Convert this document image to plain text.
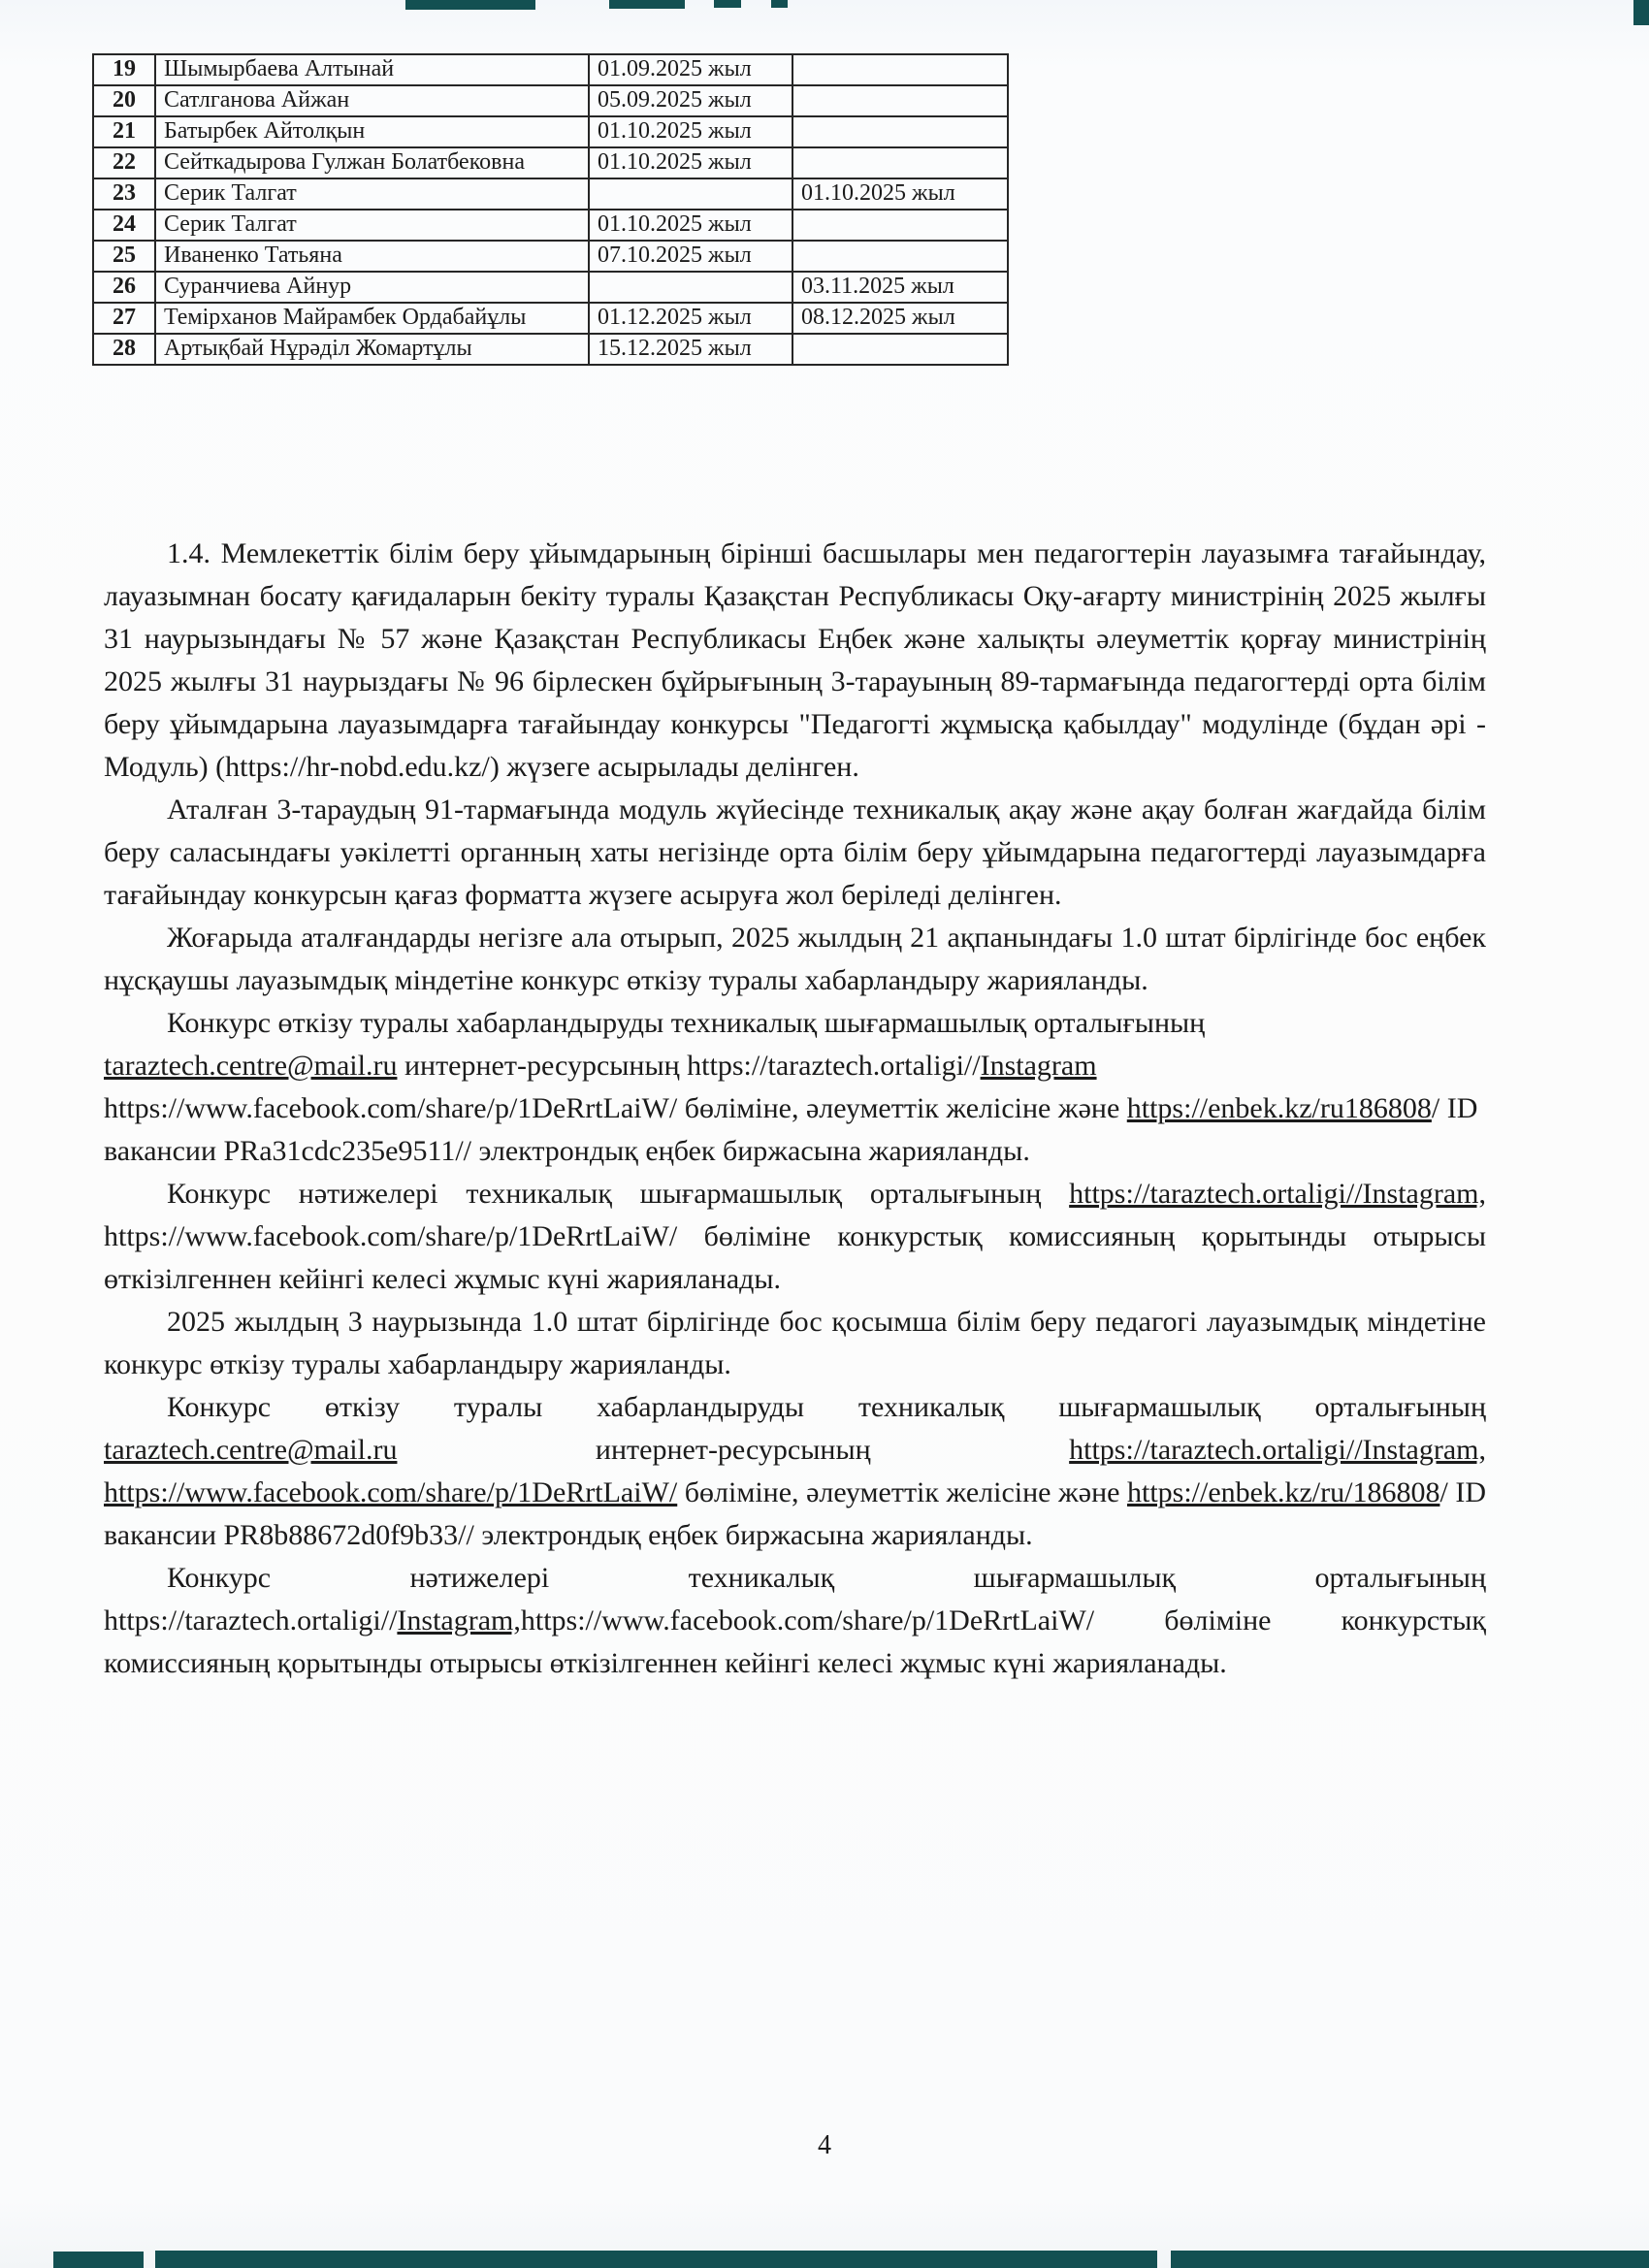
19	Шымырбаева Алтынай	01.09.2025 жыл	
20	Сатлганова Айжан	05.09.2025 жыл	
21	Батырбек Айтолқын	01.10.2025 жыл	
22	Сейткадырова Гулжан Болатбековна	01.10.2025 жыл	
23	Серик Талгат		01.10.2025 жыл
24	Серик Талгат	01.10.2025 жыл	
25	Иваненко Татьяна	07.10.2025 жыл	
26	Суранчиева Айнур		03.11.2025 жыл
27	Темірханов Майрамбек Ордабайұлы	01.12.2025 жыл	08.12.2025 жыл
28	Артықбай Нұрәділ Жомартұлы	15.12.2025 жыл	

1.4. Мемлекеттік білім беру ұйымдарының бірінші басшылары мен педагогтерін лауазымға тағайындау, лауазымнан босату қағидаларын бекіту туралы Қазақстан Республикасы Оқу-ағарту министрінің 2025 жылғы 31 наурызындағы № 57 және Қазақстан Республикасы Еңбек және халықты әлеуметтік қорғау министрінің 2025 жылғы 31 наурыздағы № 96 бірлескен бұйрығының 3-тарауының 89-тармағында педагогтерді орта білім беру ұйымдарына лауазымдарға тағайындау конкурсы "Педагогті жұмысқа қабылдау" модулінде (бұдан әрі - Модуль) (https://hr-nobd.edu.kz/) жүзеге асырылады делінген.

Аталған 3-тараудың 91-тармағында модуль жүйесінде техникалық ақау және ақау болған жағдайда білім беру саласындағы уәкілетті органның хаты негізінде орта білім беру ұйымдарына педагогтерді лауазымдарға тағайындау конкурсын қағаз форматта жүзеге асыруға жол беріледі делінген.

Жоғарыда аталғандарды негізге ала отырып, 2025 жылдың 21 ақпанындағы 1.0 штат бірлігінде бос еңбек нұсқаушы лауазымдық міндетіне конкурс өткізу туралы хабарландыру жарияланды.

Конкурс өткізу туралы хабарландыруды техникалық шығармашылық орталығының taraztech.centre@mail.ru интернет-ресурсының https://taraztech.ortaligi//Instagram https://www.facebook.com/share/p/1DeRrtLaiW/ бөліміне, әлеуметтік желісіне және https://enbek.kz/ru186808/ ID вакансии PRa31cdc235e9511// электрондық еңбек биржасына жарияланды.

Конкурс нәтижелері техникалық шығармашылық орталығының https://taraztech.ortaligi//Instagram, https://www.facebook.com/share/p/1DeRrtLaiW/ бөліміне конкурстық комиссияның қорытынды отырысы өткізілгеннен кейінгі келесі жұмыс күні жарияланады.

2025 жылдың 3 наурызында 1.0 штат бірлігінде бос қосымша білім беру педагогі лауазымдық міндетіне конкурс өткізу туралы хабарландыру жарияланды.

Конкурс өткізу туралы хабарландыруды техникалық шығармашылық орталығының taraztech.centre@mail.ru интернет-ресурсының https://taraztech.ortaligi//Instagram, https://www.facebook.com/share/p/1DeRrtLaiW/ бөліміне, әлеуметтік желісіне және https://enbek.kz/ru/186808/ ID вакансии PR8b88672d0f9b33// электрондық еңбек биржасына жарияланды.

Конкурс нәтижелері техникалық шығармашылық орталығының https://taraztech.ortaligi//Instagram,https://www.facebook.com/share/p/1DeRrtLaiW/ бөліміне конкурстық комиссияның қорытынды отырысы өткізілгеннен кейінгі келесі жұмыс күні жарияланады.

4
